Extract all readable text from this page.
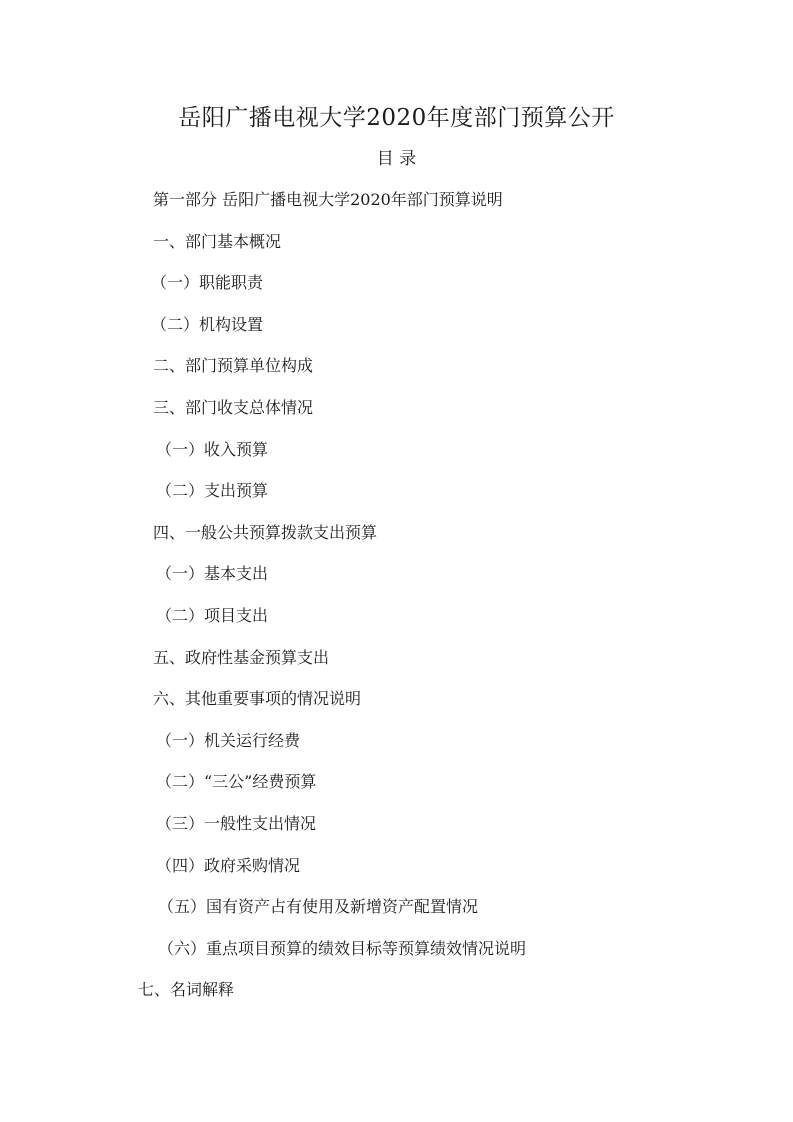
岳阳广播电视大学2020年度部门预算公开
目 录
第一部分 岳阳广播电视大学2020年部门预算说明
一、部门基本概况
（一）职能职责
（二）机构设置
二、部门预算单位构成
三、部门收支总体情况
（一）收入预算
（二）支出预算
四、一般公共预算拨款支出预算
（一）基本支出
（二）项目支出
五、政府性基金预算支出
六、其他重要事项的情况说明
（一）机关运行经费
（二）“三公”经费预算
（三）一般性支出情况
（四）政府采购情况
（五）国有资产占有使用及新增资产配置情况
（六）重点项目预算的绩效目标等预算绩效情况说明
七、名词解释
